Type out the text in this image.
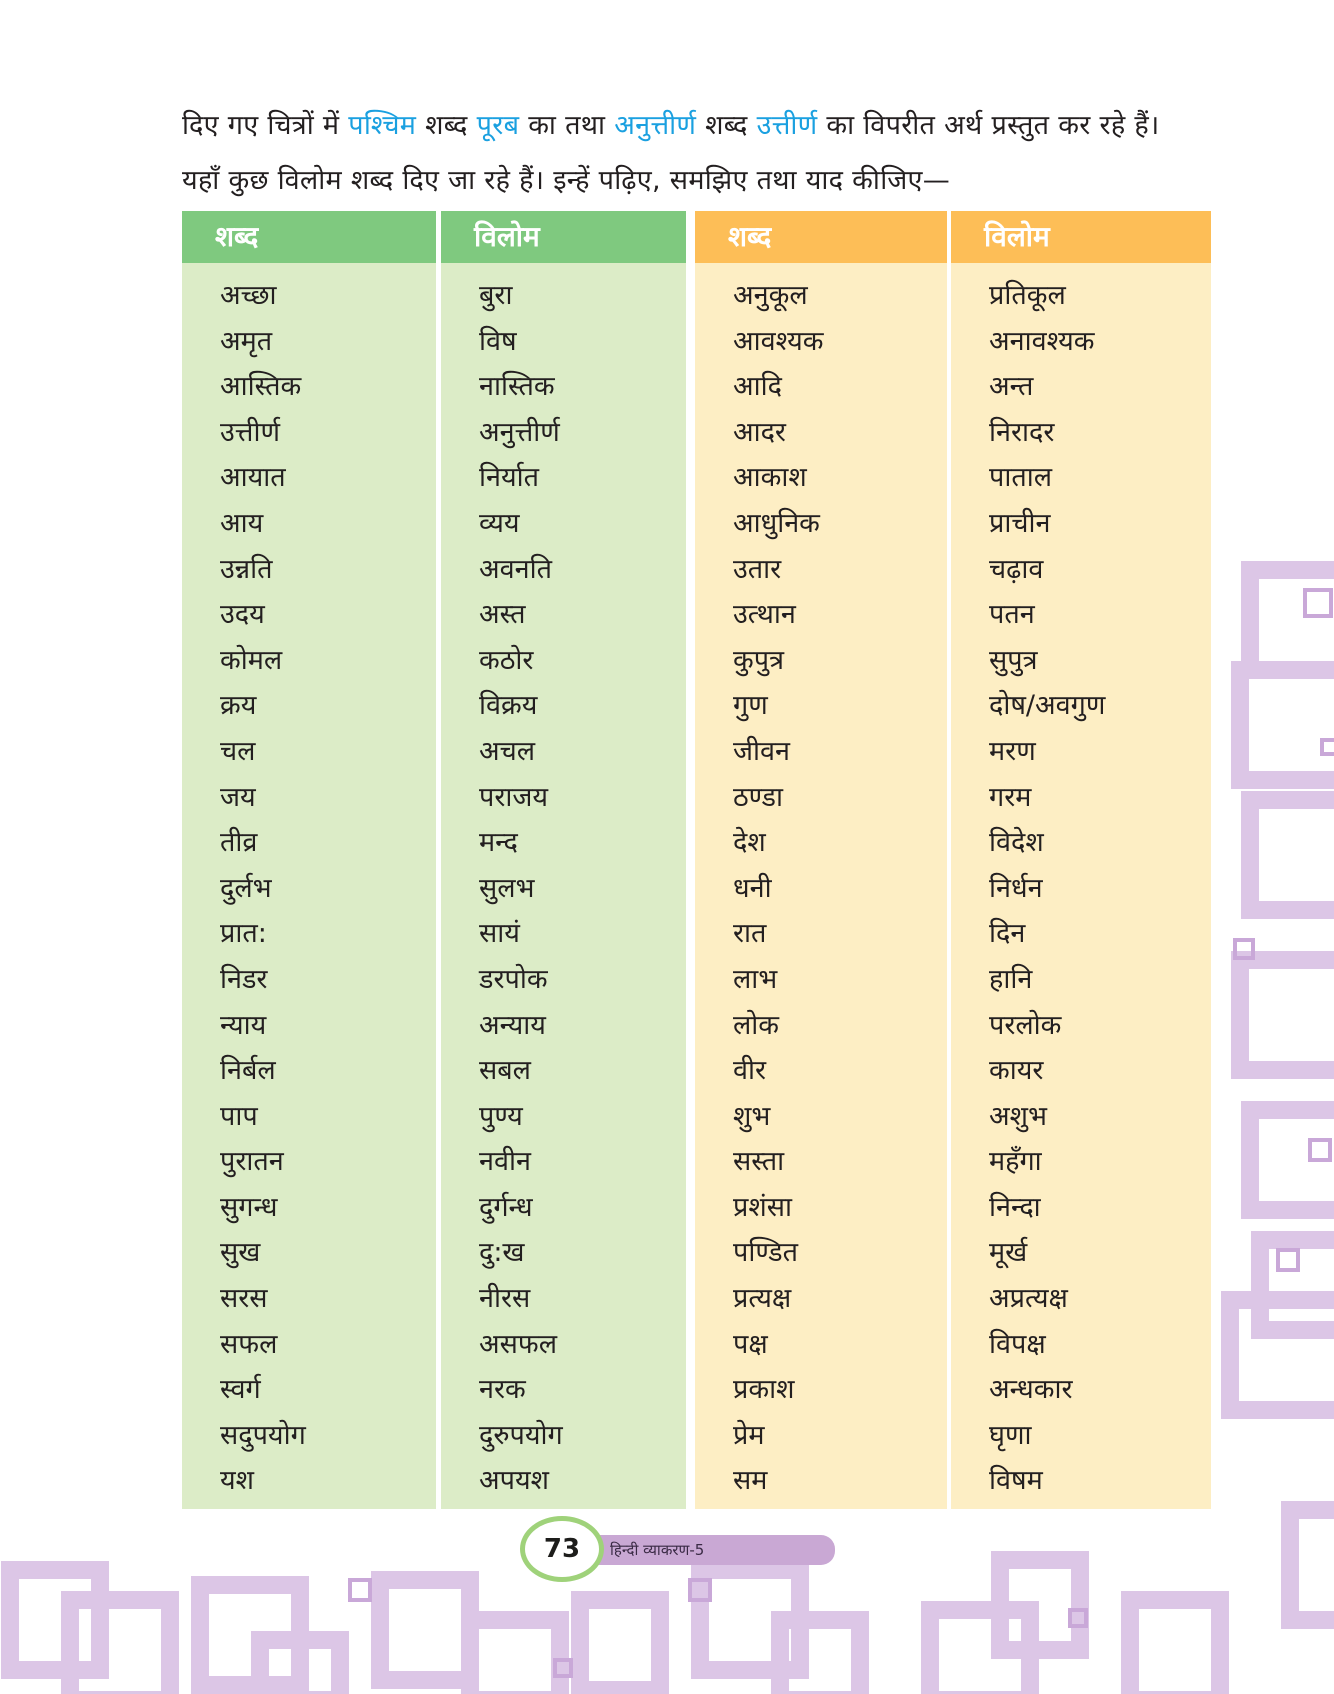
दिए गए चित्रों में पश्चिम शब्द पूरब का तथा अनुत्तीर्ण शब्द उत्तीर्ण का विपरीत अर्थ प्रस्तुत कर रहे हैं।
यहाँ कुछ विलोम शब्द दिए जा रहे हैं। इन्हें पढ़िए, समझिए तथा याद कीजिए—
शब्द
अच्छा
अमृत
आस्तिक
उत्तीर्ण
आयात
आय
उन्नति
उदय
कोमल
क्रय
चल
जय
तीव्र
दुर्लभ
प्रात:
निडर
न्याय
निर्बल
पाप
पुरातन
सुगन्ध
सुख
सरस
सफल
स्वर्ग
सदुपयोग
यश
विलोम
बुरा
विष
नास्तिक
अनुत्तीर्ण
निर्यात
व्यय
अवनति
अस्त
कठोर
विक्रय
अचल
पराजय
मन्द
सुलभ
सायं
डरपोक
अन्याय
सबल
पुण्य
नवीन
दुर्गन्ध
दु:ख
नीरस
असफल
नरक
दुरुपयोग
अपयश
शब्द
अनुकूल
आवश्यक
आदि
आदर
आकाश
आधुनिक
उतार
उत्थान
कुपुत्र
गुण
जीवन
ठण्डा
देश
धनी
रात
लाभ
लोक
वीर
शुभ
सस्ता
प्रशंसा
पण्डित
प्रत्यक्ष
पक्ष
प्रकाश
प्रेम
सम
विलोम
प्रतिकूल
अनावश्यक
अन्त
निरादर
पाताल
प्राचीन
चढ़ाव
पतन
सुपुत्र
दोष/अवगुण
मरण
गरम
विदेश
निर्धन
दिन
हानि
परलोक
कायर
अशुभ
महँगा
निन्दा
मूर्ख
अप्रत्यक्ष
विपक्ष
अन्धकार
घृणा
विषम
हिन्दी व्याकरण-5
73
